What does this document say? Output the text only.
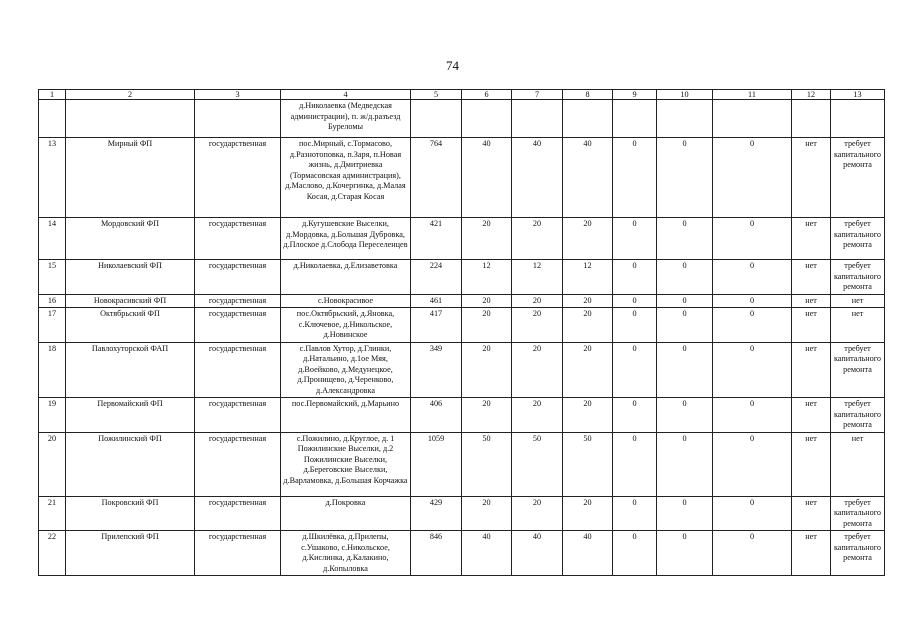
74
1	2	3	4	5	6	7	8	9	10	11	12	13
			д.Николаевка (Медведская администрации), п. ж/д.разъезд Буреломы									
13	Мирный ФП	государственная	пос.Мирный, с.Тормасово, д.Разнотоповка, п.Заря, п.Новая жизнь, д.Дмитриевка (Тормасовская администрация), д.Маслово, д.Кочергинка, д.Малая Косая, д.Старая Косая	764	40	40	40	0	0	0	нет	требует капитального ремонта
14	Мордовский ФП	государственная	д.Кугушевские Выселки, д.Мордовка, д.Большая Дубровка, д.Плоское д.Слобода Переселенцев	421	20	20	20	0	0	0	нет	требует капитального ремонта
15	Николаевский ФП	государственная	д.Николаевка, д.Елизаветовка	224	12	12	12	0	0	0	нет	требует капитального ремонта
16	Новокрасивский ФП	государственная	с.Новокрасивое	461	20	20	20	0	0	0	нет	нет
17	Октябрьский ФП	государственная	пос.Октябрьский, д.Яновка, с.Ключевое, д.Никольское, д.Новинское	417	20	20	20	0	0	0	нет	нет
18	Павлохуторской ФАП	государственная	с.Павлов Хутор, д.Глинки, д.Натальино, д.1ое Мяя, д.Воейково, д.Медунецкое, д.Пронищево, д.Черенково, д.Александровка	349	20	20	20	0	0	0	нет	требует капитального ремонта
19	Первомайский ФП	государственная	пос.Первомайский, д.Марьино	406	20	20	20	0	0	0	нет	требует капитального ремонта
20	Пожилинский ФП	государственная	с.Пожилино, д.Круглое, д. 1 Пожилинские Выселки, д.2 Пожилинские Выселки, д.Береговские Выселки, д.Варламовка, д.Большая Корчажка	1059	50	50	50	0	0	0	нет	нет
21	Покровский ФП	государственная	д.Покровка	429	20	20	20	0	0	0	нет	требует капитального ремонта
22	Прилепский ФП	государственная	д.Шкилёвка, д.Прилепы, с.Ушаково, с.Никольское, д.Кислинка, д.Калакино, д.Копыловка	846	40	40	40	0	0	0	нет	требует капитального ремонта
